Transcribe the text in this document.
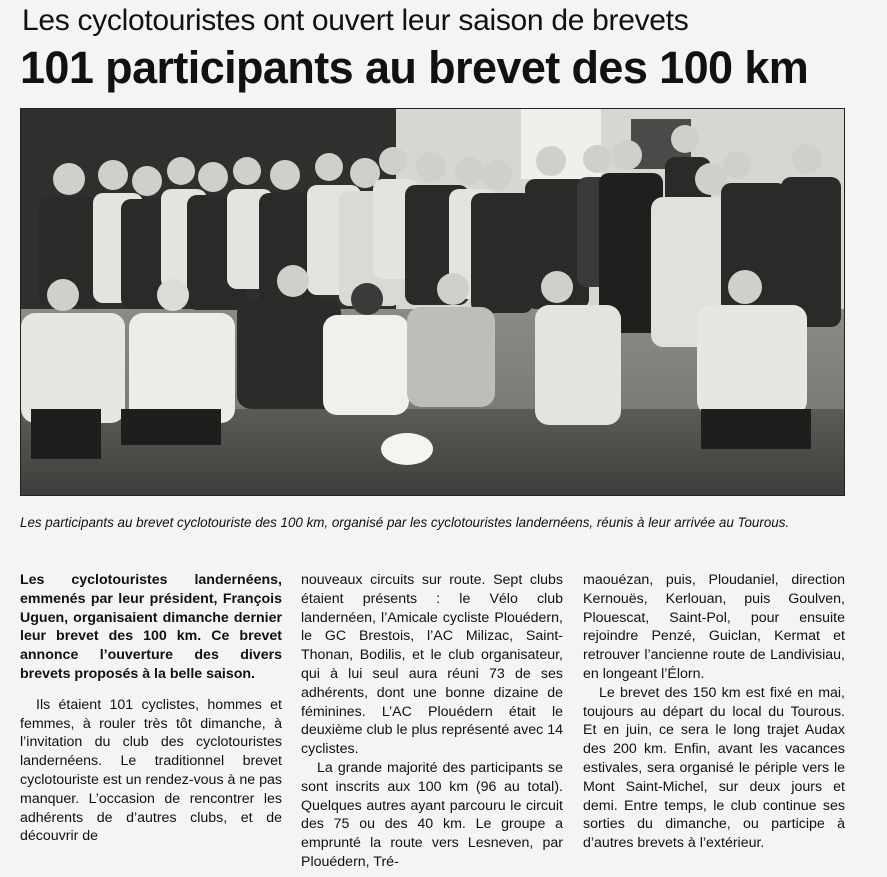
Les cyclotouristes ont ouvert leur saison de brevets
101 participants au brevet des 100 km
Les participants au brevet cyclotouriste des 100 km, organisé par les cyclotouristes landernéens, réunis à leur arrivée au Tourous.

Les cyclotouristes landernéens, emmenés par leur président, François Uguen, organisaient dimanche dernier leur brevet des 100 km. Ce brevet annonce l’ouverture des divers brevets proposés à la belle saison.

Ils étaient 101 cyclistes, hommes et femmes, à rouler très tôt dimanche, à l’invitation du club des cyclotouristes landernéens. Le traditionnel brevet cyclotouriste est un rendez-vous à ne pas manquer. L’occasion de rencontrer les adhérents de d’autres clubs, et de découvrir de

nouveaux circuits sur route. Sept clubs étaient présents : le Vélo club landernéen, l’Amicale cycliste Plouédern, le GC Brestois, l’AC Milizac, Saint-Thonan, Bodilis, et le club organisateur, qui à lui seul aura réuni 73 de ses adhérents, dont une bonne dizaine de féminines. L’AC Plouédern était le deuxième club le plus représenté avec 14 cyclistes.

La grande majorité des participants se sont inscrits aux 100 km (96 au total). Quelques autres ayant parcouru le circuit des 75 ou des 40 km. Le groupe a emprunté la route vers Lesneven, par Plouédern, Tré-

maouézan, puis, Ploudaniel, direction Kernouës, Kerlouan, puis Goulven, Plouescat, Saint-Pol, pour ensuite rejoindre Penzé, Guiclan, Kermat et retrouver l’ancienne route de Landivisiau, en longeant l’Élorn.

Le brevet des 150 km est fixé en mai, toujours au départ du local du Tourous. Et en juin, ce sera le long trajet Audax des 200 km. Enfin, avant les vacances estivales, sera organisé le périple vers le Mont Saint-Michel, sur deux jours et demi. Entre temps, le club continue ses sorties du dimanche, ou participe à d’autres brevets à l’extérieur.
